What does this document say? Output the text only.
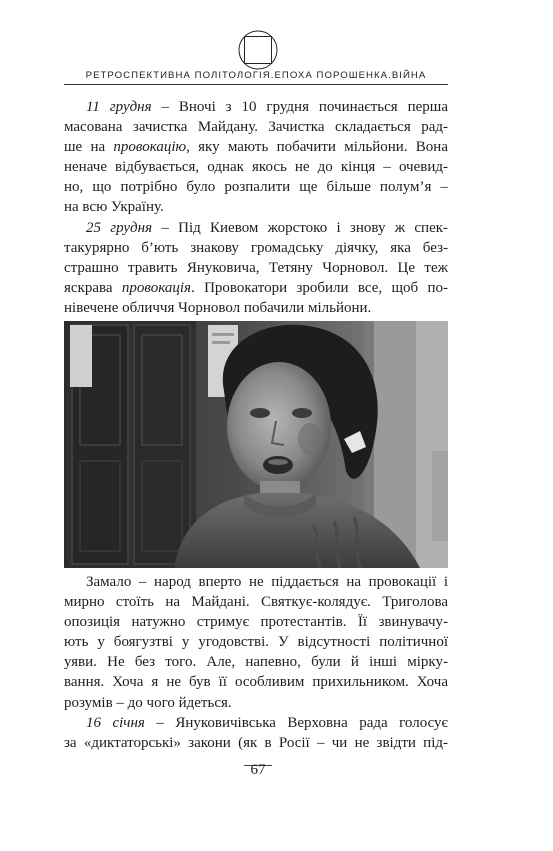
РЕТРОСПЕКТИВНА ПОЛІТОЛОГІЯ.ЕПОХА ПОРОШЕНКА.ВІЙНА
11 грудня – Вночі з 10 грудня починається перша
масована зачистка Майдану. Зачистка складається рад-
ше на провокацію, яку мають побачити мільйони. Вона
неначе відбувається, однак якось не до кінця – очевид-
но, що потрібно було розпалити ще більше полум’я –
на всю Україну.
25 грудня – Під Киевом жорстоко і знову ж спек-
такурярно б’ють знакову громадську діячку, яка без-
страшно травить Януковича, Тетяну Чорновол. Це теж
яскрава провокація. Провокатори зробили все, щоб по-
нівечене обличчя Чорновол побачили мільйони.
Замало – народ вперто не піддається на провокації і
мирно стоїть на Майдані. Святкує-колядує. Триголова
опозиція натужно стримує протестантів. Її звинувачу-
ють у боягузтві у угодовстві. У відсутності політичної
уяви. Не без того. Але, напевно, були й інші мірку-
вання. Хоча я не був її особливим прихильником. Хоча
розумів – до чого йдеться.
16 січня – Януковичівська Верховна рада голосує
за «диктаторські» закони (як в Росії – чи не звідти під-
67
